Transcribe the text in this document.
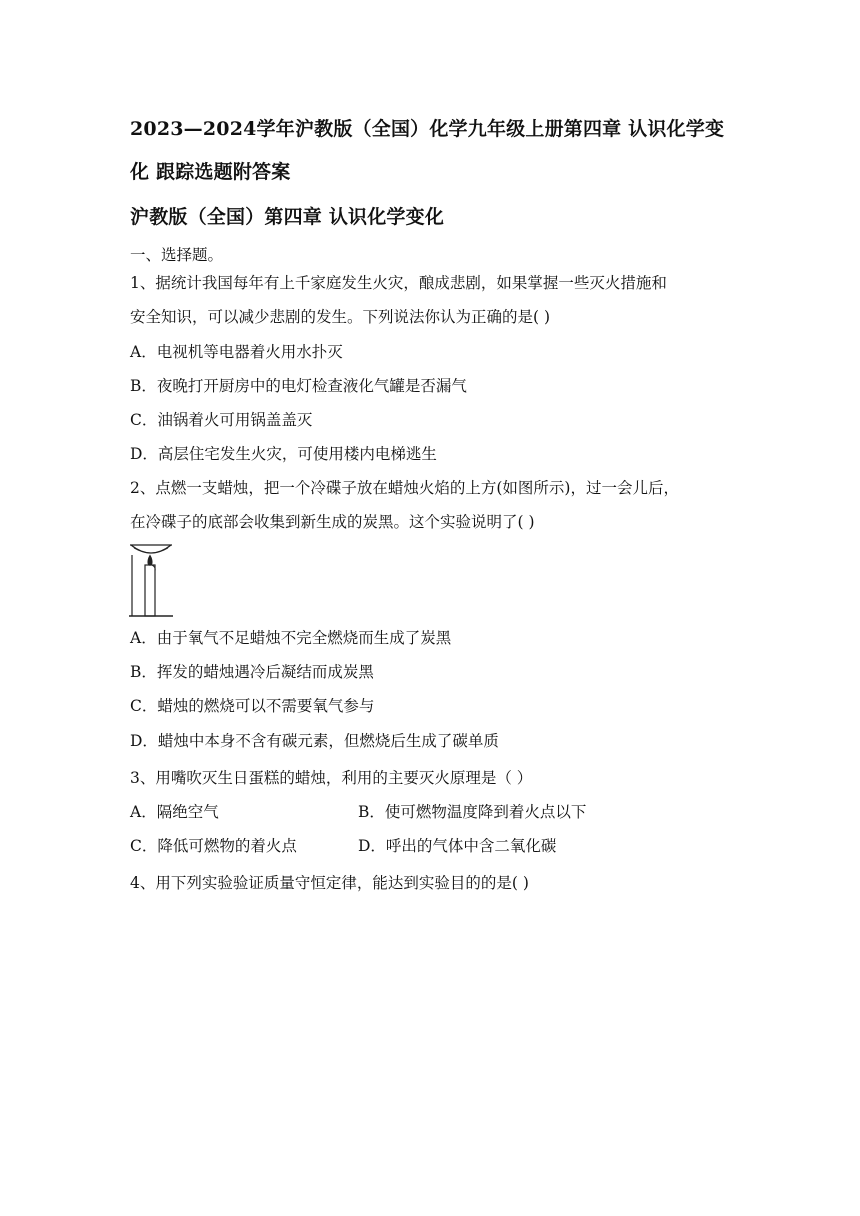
2023—2024学年沪教版（全国）化学九年级上册第四章 认识化学变
化 跟踪选题附答案
沪教版（全国）第四章 认识化学变化
一、选择题。
1、据统计我国每年有上千家庭发生火灾，酿成悲剧，如果掌握一些灭火措施和
安全知识，可以减少悲剧的发生。下列说法你认为正确的是( )
A．电视机等电器着火用水扑灭
B．夜晚打开厨房中的电灯检查液化气罐是否漏气
C．油锅着火可用锅盖盖灭
D．高层住宅发生火灾，可使用楼内电梯逃生
2、点燃一支蜡烛，把一个冷碟子放在蜡烛火焰的上方(如图所示)，过一会儿后，
在冷碟子的底部会收集到新生成的炭黑。这个实验说明了( )
A．由于氧气不足蜡烛不完全燃烧而生成了炭黑
B．挥发的蜡烛遇冷后凝结而成炭黑
C．蜡烛的燃烧可以不需要氧气参与
D．蜡烛中本身不含有碳元素，但燃烧后生成了碳单质
3、用嘴吹灭生日蛋糕的蜡烛，利用的主要灭火原理是（ ）
A．隔绝空气	B．使可燃物温度降到着火点以下
C．降低可燃物的着火点	D．呼出的气体中含二氧化碳
4、用下列实验验证质量守恒定律，能达到实验目的的是( )
